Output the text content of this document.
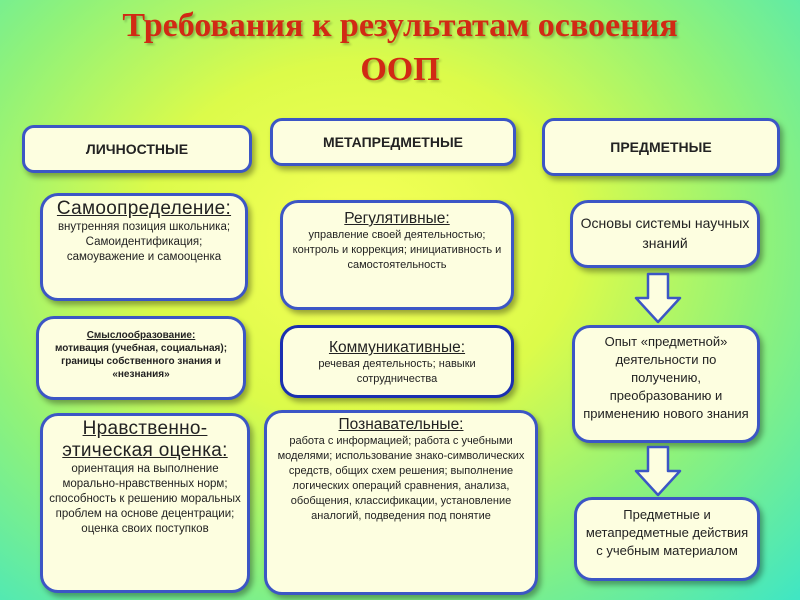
Требования к результатам освоения
ООП
ЛИЧНОСТНЫЕ	МЕТАПРЕДМЕТНЫЕ	ПРЕДМЕТНЫЕ
Самоопределение:
внутренняя позиция школьника; Самоидентификация; самоуважение и самооценка
Смыслообразование:
мотивация (учебная, социальная); границы собственного знания и «незнания»
Нравственно-этическая оценка:
ориентация на выполнение морально-нравственных норм; способность к решению моральных проблем на основе децентрации; оценка своих поступков
Регулятивные:
управление своей деятельностью; контроль и коррекция; инициативность и самостоятельность
Коммуникативные:
речевая деятельность; навыки сотрудничества
Познавательные:
работа с информацией; работа с учебными моделями; использование знако-символических средств, общих схем решения; выполнение логических операций сравнения, анализа, обобщения, классификации, установление аналогий, подведения под понятие
Основы системы научных знаний
Опыт «предметной» деятельности по получению, преобразованию и применению нового знания
Предметные и метапредметные действия с учебным материалом
